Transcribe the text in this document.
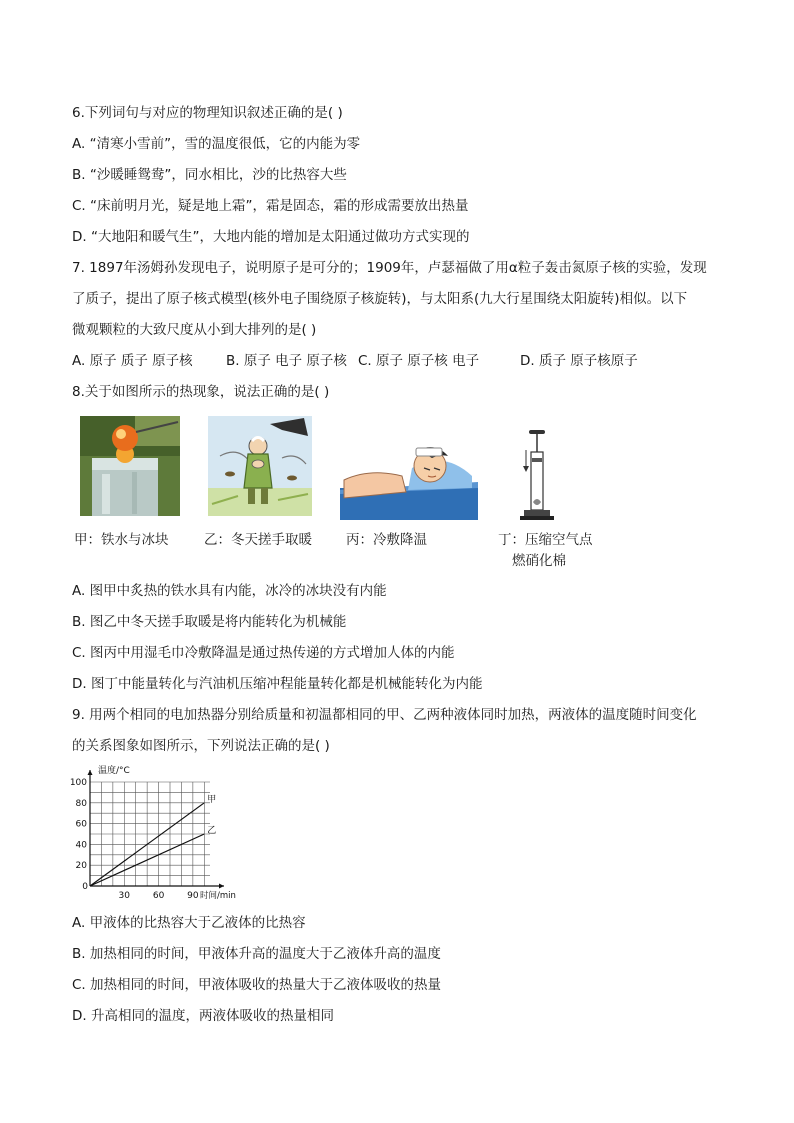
6.下列词句与对应的物理知识叙述正确的是( )
A. “清寒小雪前”，雪的温度很低，它的内能为零
B. “沙暖睡鸳鸯”，同水相比，沙的比热容大些
C. “床前明月光，疑是地上霜”，霜是固态，霜的形成需要放出热量
D. “大地阳和暖气生”，大地内能的增加是太阳通过做功方式实现的
7. 1897年汤姆孙发现电子，说明原子是可分的；1909年，卢瑟福做了用α粒子轰击氮原子核的实验，发现
了质子，提出了原子核式模型(核外电子围绕原子核旋转)，与太阳系(九大行星围绕太阳旋转)相似。以下
微观颗粒的大致尺度从小到大排列的是( )
A. 原子 质子 原子核 B. 原子 电子 原子核 C. 原子 原子核 电子	D. 质子 原子核原子
8.关于如图所示的热现象，说法正确的是( )
甲：铁水与冰块	乙：冬天搓手取暖	丙：冷敷降温	丁：压缩空气点
燃硝化棉
A. 图甲中炙热的铁水具有内能，冰冷的冰块没有内能
B. 图乙中冬天搓手取暖是将内能转化为机械能
C. 图丙中用湿毛巾冷敷降温是通过热传递的方式增加人体的内能
D. 图丁中能量转化与汽油机压缩冲程能量转化都是机械能转化为内能
9. 用两个相同的电加热器分别给质量和初温都相同的甲、乙两种液体同时加热，两液体的温度随时间变化
的关系图象如图所示，下列说法正确的是( )
30	60	90
20
40
60
80
100
0
温度/°C
时间/min
甲
乙
A. 甲液体的比热容大于乙液体的比热容
B. 加热相同的时间，甲液体升高的温度大于乙液体升高的温度
C. 加热相同的时间，甲液体吸收的热量大于乙液体吸收的热量
D. 升高相同的温度，两液体吸收的热量相同
